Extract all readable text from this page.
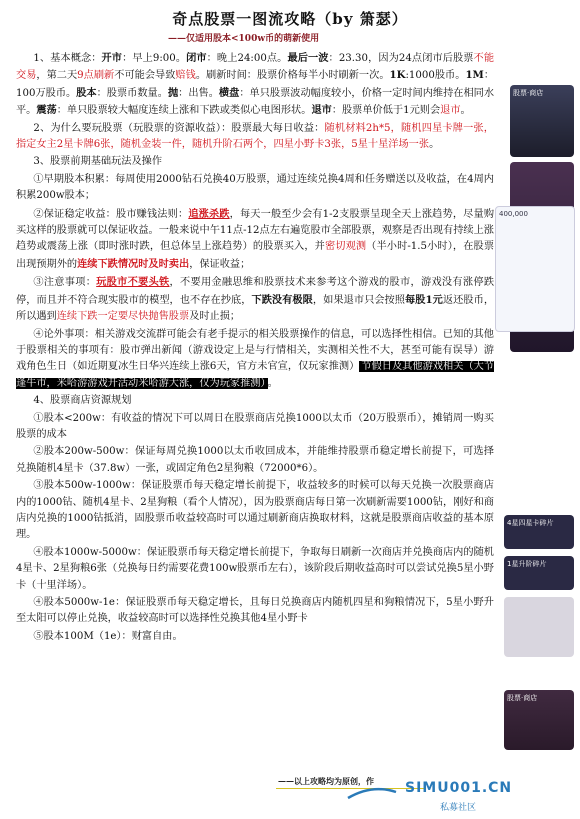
奇点股票一图流攻略（by 箫瑟）
——仅适用股本<100w币的萌新使用

1、基本概念：开市：早上9:00。闭市：晚上24:00点。最后一波：23.30，因为24点闭市后股票不能交易，第二天9点刷新不可能会导致赔钱。刷新时间：股票价格每半小时刷新一次。1K:1000股币。1M：100万股币。股本：股票币数量。抛：出售。横盘：单只股票波动幅度较小，价格一定时间内维持在相同水平。震荡：单只股票较大幅度连续上涨和下跌或类似心电图形状。退市：股票单价低于1元则会退市。

2、为什么要玩股票（玩股票的资源收益）：股票最大每日收益：随机材料2h*5，随机四星卡牌一张，指定女主2星卡牌6张，随机金装一件，随机升阶石两个，四星小野卡3张，5星十星洋场一张。

3、股票前期基础玩法及操作

①早期股本积累：每周使用2000钻石兑换40万股票，通过连续兑换4周和任务赠送以及收益，在4周内积累200w股本；

②保证稳定收益：股市赚钱法则：追涨杀跌，每天一般至少会有1-2支股票呈现全天上涨趋势，尽量购买这样的股票就可以保证收益。一般来说中午11点-12点左右遍览股市全部股票，观察是否出现有持续上涨趋势或震荡上涨（即时涨时跌，但总体呈上涨趋势）的股票买入，并密切观测（半小时-1.5小时），在股票出现预期外的连续下跌情况时及时卖出，保证收益；

③注意事项：玩股市不要头铁，不要用金融思维和股票技术来参考这个游戏的股市，游戏没有涨停跌停，而且并不符合现实股市的模型，也不存在抄底，下跌没有极限，如果退市只会按照每股1元返还股币，所以遇到连续下跌一定要尽快抛售股票及时止损；

④论外事项：相关游戏交流群可能会有老手提示的相关股票操作的信息，可以选择性相信。已知的其他于股票相关的事项有：股市弹出新闻（游戏设定上是与行情相关，实测相关性不大，甚至可能有误导）游戏角色生日（如近期夏冰生日华兴连续上涨6天，官方未官宣，仅玩家推测） 节假日及其他游戏相关（大节逢牛市，米哈游游戏开活动米哈游大涨，仅为玩家推测） 。

4、股票商店资源规划

①股本<200w：有收益的情况下可以周日在股票商店兑换1000以太币（20万股票币），摊销周一购买股票的成本

②股本200w-500w：保证每周兑换1000以太币收回成本，并能维持股票币稳定增长前提下，可选择兑换随机4星卡（37.8w）一张，或固定角色2星狗粮（72000*6）。

③股本500w-1000w：保证股票币每天稳定增长前提下，收益较多的时候可以每天兑换一次股票商店内的1000钻、随机4星卡、2星狗粮（看个人情况），因为股票商店每日第一次刷新需要1000钻，刚好和商店内兑换的1000钻抵消，固股票币收益较高时可以通过刷新商店换取材料，这就是股票商店收益的基本原理。

④股本1000w-5000w：保证股票币每天稳定增长前提下，争取每日刷新一次商店并兑换商店内的随机4星卡、2星狗粮6张（兑换每日约需要花费100w股票币左右），该阶段后期收益高时可以尝试兑换5星小野卡（十里洋场）。

④股本5000w-1e：保证股票币每天稳定增长，且每日兑换商店内随机四星和狗粮情况下，5星小野升至太阳可以停止兑换，收益较高时可以选择性兑换其他4星小野卡

⑤股本100M（1e）：财富自由。

股票·商店
400,000
4星四星卡碎片
1星升阶碎片
股票·商店
——以上攻略均为原创，作 SIMU001.CN
私募社区
